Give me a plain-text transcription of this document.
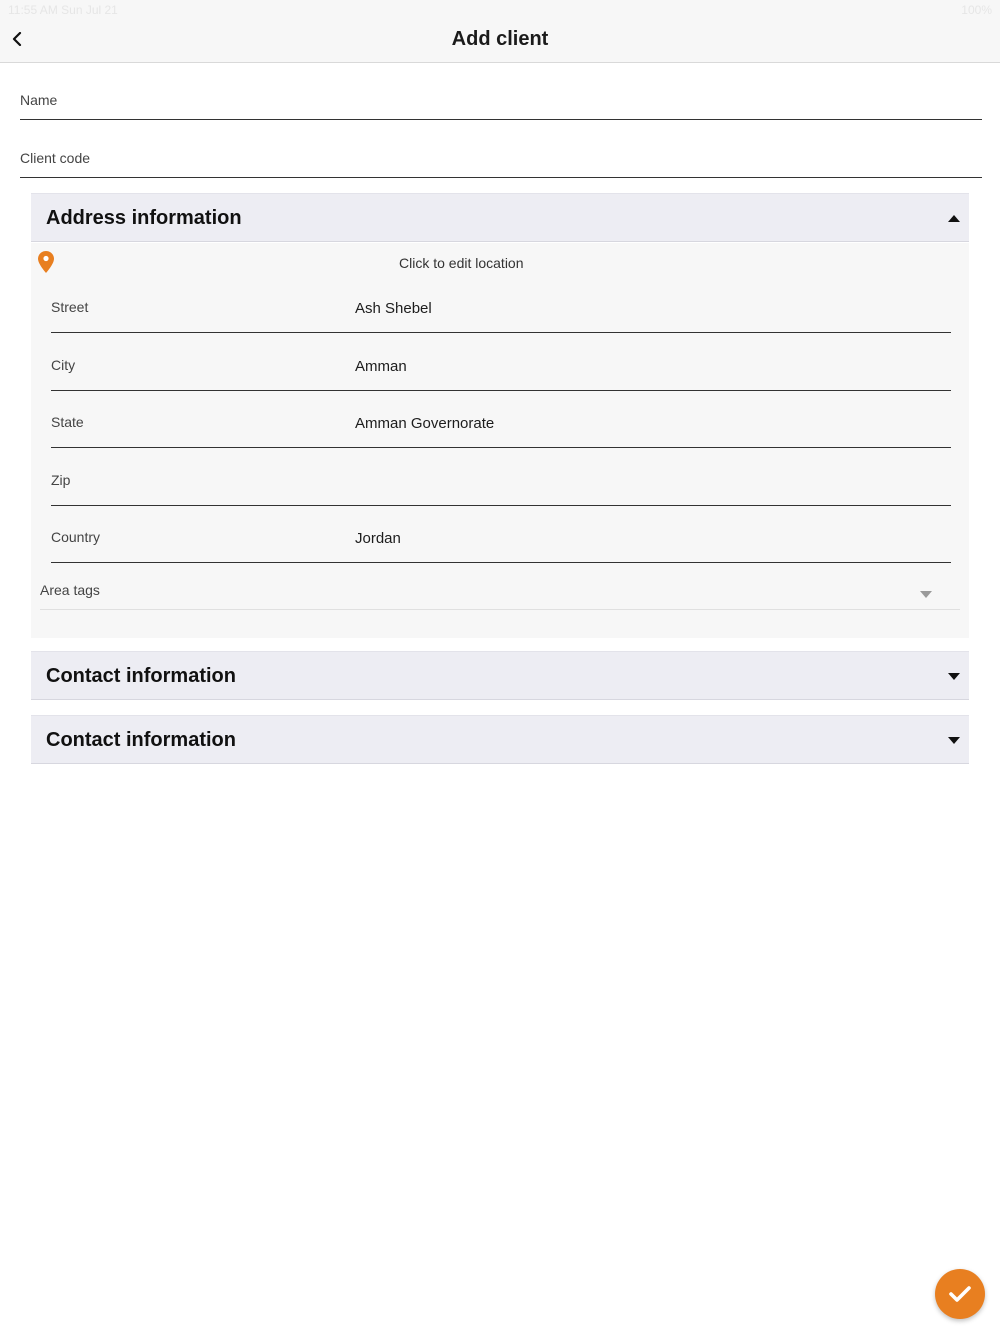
11:55 AM Sun Jul 21	100%
Add client
Name
Client code
Address information
Click to edit location
Street	Ash Shebel
City	Amman
State	Amman Governorate
Zip
Country	Jordan
Area tags
Contact information
Contact information
